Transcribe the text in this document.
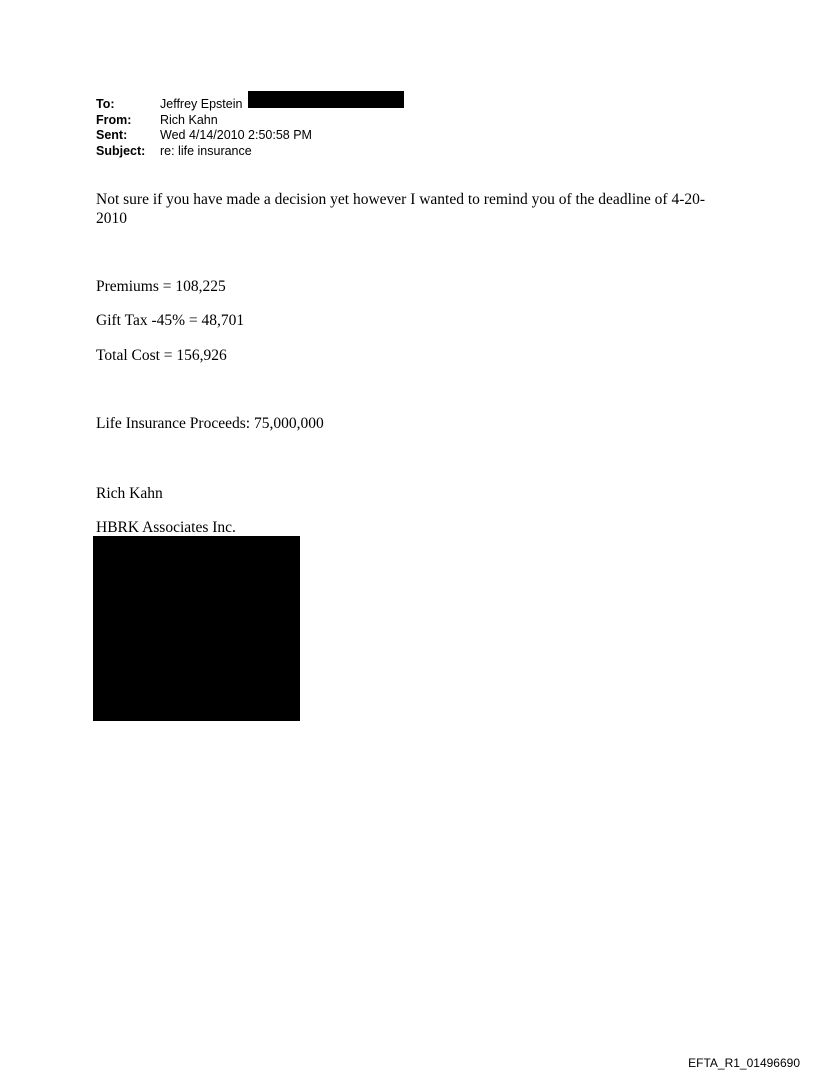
To:	Jeffrey Epstein
From:	Rich Kahn
Sent:	Wed 4/14/2010 2:50:58 PM
Subject:	re: life insurance
Not sure if you have made a decision yet however I wanted to remind you of the deadline of 4-20-2010
Premiums = 108,225
Gift Tax -45% = 48,701
Total Cost = 156,926
Life Insurance Proceeds: 75,000,000
Rich Kahn
HBRK Associates Inc.
EFTA_R1_01496690
